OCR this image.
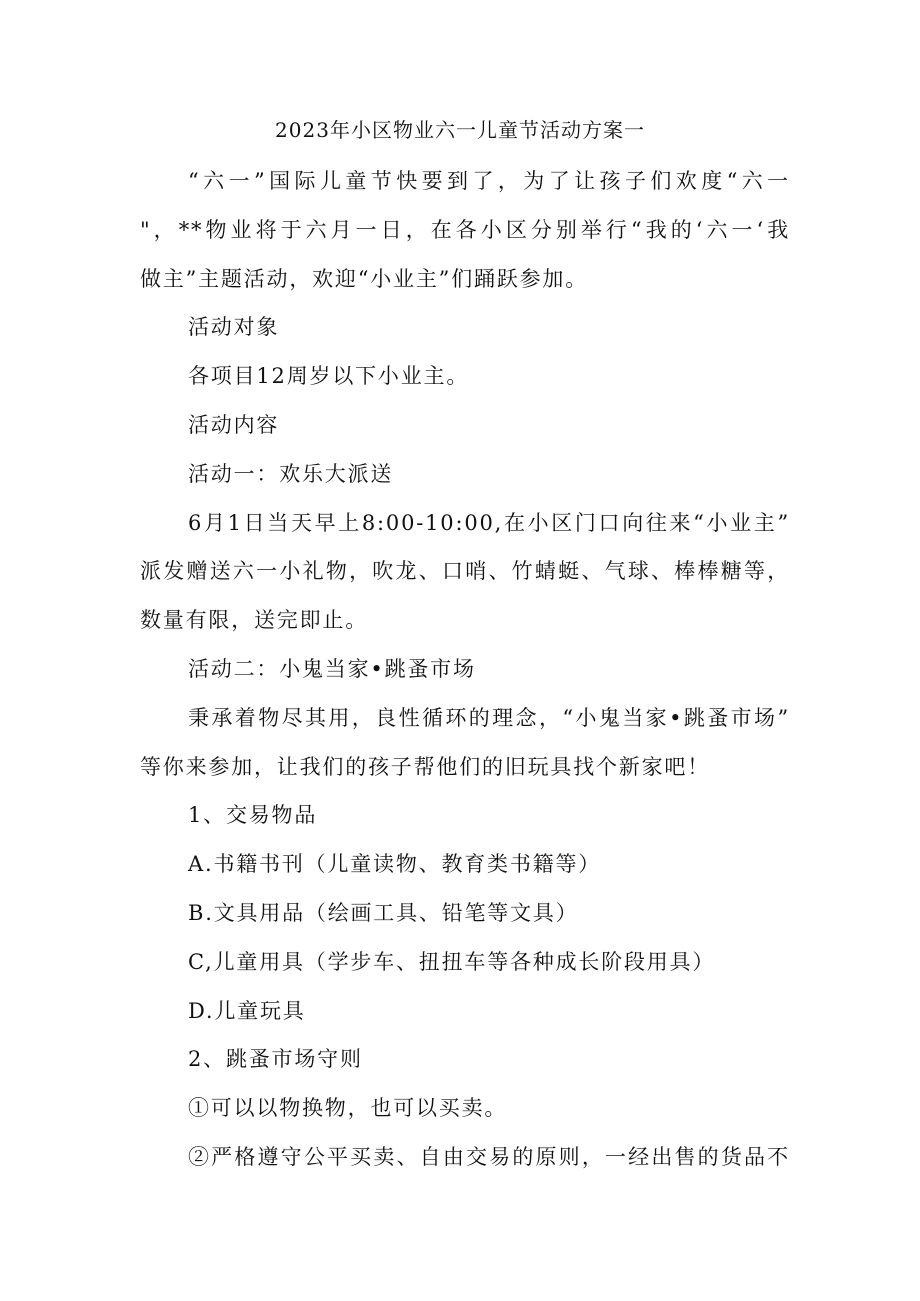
2023年小区物业六一儿童节活动方案一

“六一”国际儿童节快要到了，为了让孩子们欢度“六一

"，**物业将于六月一日，在各小区分别举行“我的‘六一‘我

做主”主题活动，欢迎“小业主”们踊跃参加。

活动对象

各项目12周岁以下小业主。

活动内容

活动一：欢乐大派送

6月1日当天早上8:00-10:00,在小区门口向往来“小业主”

派发赠送六一小礼物，吹龙、口哨、竹蜻蜓、气球、棒棒糖等，

数量有限，送完即止。

活动二：小鬼当家•跳蚤市场

秉承着物尽其用，良性循环的理念，“小鬼当家•跳蚤市场”

等你来参加，让我们的孩子帮他们的旧玩具找个新家吧！

1、交易物品

A.书籍书刊（儿童读物、教育类书籍等）

B.文具用品（绘画工具、铅笔等文具）

C,儿童用具（学步车、扭扭车等各种成长阶段用具）

D.儿童玩具

2、跳蚤市场守则

①可以以物换物，也可以买卖。

②严格遵守公平买卖、自由交易的原则，一经出售的货品不
